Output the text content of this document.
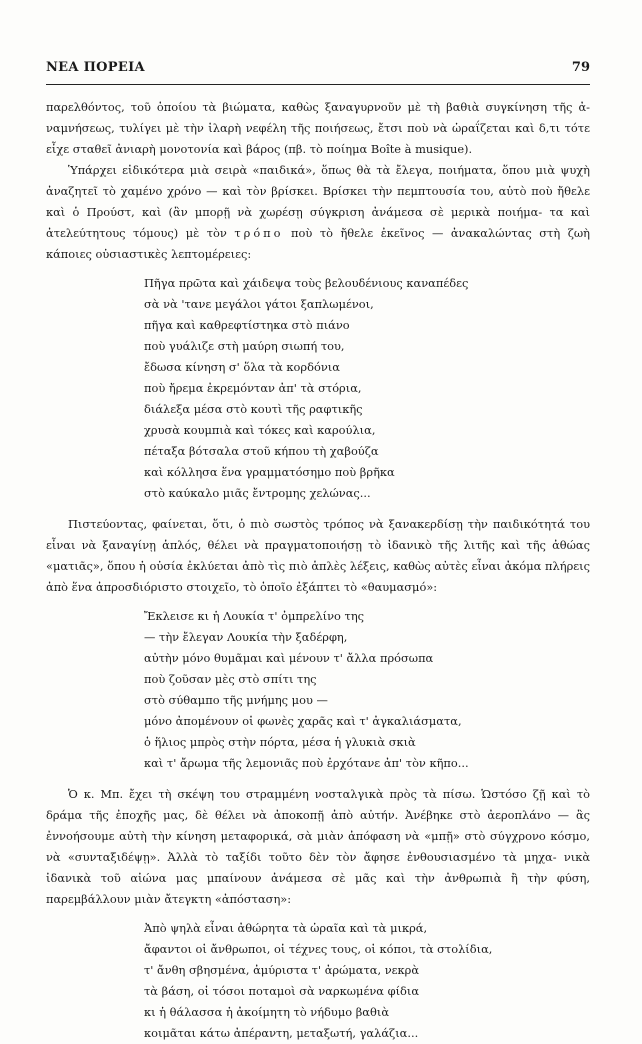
ΝΕΑ ΠΟΡΕΙΑ	79

παρελθόντος, τοῦ ὁποίου τὰ βιώματα, καθὼς ξαναγυρνοῦν μὲ τὴ βαθιὰ συγκίνηση τῆς ἀ- ναμνήσεως, τυλίγει μὲ τὴν ἱλαρὴ νεφέλη τῆς ποιήσεως, ἔτσι ποὺ νὰ ὡραΐζεται καὶ δ,τι τότε εἶχε σταθεῖ ἀνιαρὴ μονοτονία καὶ βάρος (πβ. τὸ ποίημα Boîte à musique).

Ὑπάρχει εἰδικότερα μιὰ σειρὰ «παιδικά», ὅπως θὰ τὰ ἔλεγα, ποιήματα, ὅπου μιὰ ψυχὴ ἀναζητεῖ τὸ χαμένο χρόνο — καὶ τὸν βρίσκει. Βρίσκει τὴν πεμπτουσία του, αὐτὸ ποὺ ἤθελε καὶ ὁ Προύστ, καὶ (ἂν μπορῇ νὰ χωρέσῃ σύγκριση ἀνάμεσα σὲ μερικὰ ποιήμα- τα καὶ ἀτελεύτητους τόμους) μὲ τὸν τρόπο ποὺ τὸ ἤθελε ἐκεῖνος — ἀνακαλώντας στὴ ζωὴ κάποιες οὐσιαστικὲς λεπτομέρειες:

Πῆγα πρῶτα καὶ χάιδεψα τοὺς βελουδένιους καναπέδες
σὰ νὰ 'τανε μεγάλοι γάτοι ξαπλωμένοι,
πῆγα καὶ καθρεφτίστηκα στὸ πιάνο
ποὺ γυάλιζε στὴ μαύρη σιωπή του,
ἔδωσα κίνηση σ' ὅλα τὰ κορδόνια
ποὺ ἤρεμα ἐκρεμόνταν ἀπ' τὰ στόρια,
διάλεξα μέσα στὸ κουτὶ τῆς ραφτικῆς
χρυσὰ κουμπιὰ καὶ τόκες καὶ καρούλια,
πέταξα βότσαλα στοῦ κήπου τὴ χαβούζα
καὶ κόλλησα ἕνα γραμματόσημο ποὺ βρῆκα
στὸ καύκαλο μιᾶς ἔντρομης χελώνας...

Πιστεύοντας, φαίνεται, ὅτι, ὁ πιὸ σωστὸς τρόπος νὰ ξανακερδίσῃ τὴν παιδικότητά του εἶναι νὰ ξαναγίνῃ ἁπλός, θέλει νὰ πραγματοποιήσῃ τὸ ἰδανικὸ τῆς λιτῆς καὶ τῆς ἀθώας «ματιᾶς», ὅπου ἡ οὐσία ἐκλύεται ἀπὸ τὶς πιὸ ἁπλὲς λέξεις, καθὼς αὐτὲς εἶναι ἀκόμα πλήρεις ἀπὸ ἕνα ἀπροσδιόριστο στοιχεῖο, τὸ ὁποῖο ἐξάπτει τὸ «θαυμασμό»:

Ἔκλεισε κι ἡ Λουκία τ' ὀμπρελίνο της
— τὴν ἔλεγαν Λουκία τὴν ξαδέρφη,
αὐτὴν μόνο θυμᾶμαι καὶ μένουν τ' ἄλλα πρόσωπα
ποὺ ζοῦσαν μὲς στὸ σπίτι της
στὸ σύθαμπο τῆς μνήμης μου —
μόνο ἀπομένουν οἱ φωνὲς χαρᾶς καὶ τ' ἀγκαλιάσματα,
ὁ ἥλιος μπρὸς στὴν πόρτα, μέσα ἡ γλυκιὰ σκιὰ
καὶ τ' ἄρωμα τῆς λεμονιᾶς ποὺ ἐρχότανε ἀπ' τὸν κῆπο...

Ὁ κ. Μπ. ἔχει τὴ σκέψη του στραμμένη νοσταλγικὰ πρὸς τὰ πίσω. Ὡστόσο ζῇ καὶ τὸ δράμα τῆς ἐποχῆς μας, δὲ θέλει νὰ ἀποκοπῇ ἀπὸ αὐτήν. Ἀνέβηκε στὸ ἀεροπλάνο — ἂς ἐννοήσουμε αὐτὴ τὴν κίνηση μεταφορικά, σὰ μιὰν ἀπόφαση νὰ «μπῇ» στὸ σύγχρονο κόσμο, νὰ «συνταξιδέψῃ». Ἀλλὰ τὸ ταξίδι τοῦτο δὲν τὸν ἄφησε ἐνθουσιασμένο τὰ μηχα- νικὰ ἰδανικὰ τοῦ αἰώνα μας μπαίνουν ἀνάμεσα σὲ μᾶς καὶ τὴν ἀνθρωπιὰ ἢ τὴν φύση, παρεμβάλλουν μιὰν ἄτεγκτη «ἀπόσταση»:

Ἀπὸ ψηλὰ εἶναι ἀθώρητα τὰ ὡραῖα καὶ τὰ μικρά,
ἄφαντοι οἱ ἄνθρωποι, οἱ τέχνες τους, οἱ κόποι, τὰ στολίδια,
τ' ἄνθη σβησμένα, ἀμύριστα τ' ἀρώματα, νεκρὰ
τὰ βάση, οἱ τόσοι ποταμοὶ σὰ ναρκωμένα φίδια
κι ἡ θάλασσα ἡ ἀκοίμητη τὸ νήδυμο βαθιὰ
κοιμᾶται κάτω ἀπέραντη, μεταξωτή, γαλάζια...
